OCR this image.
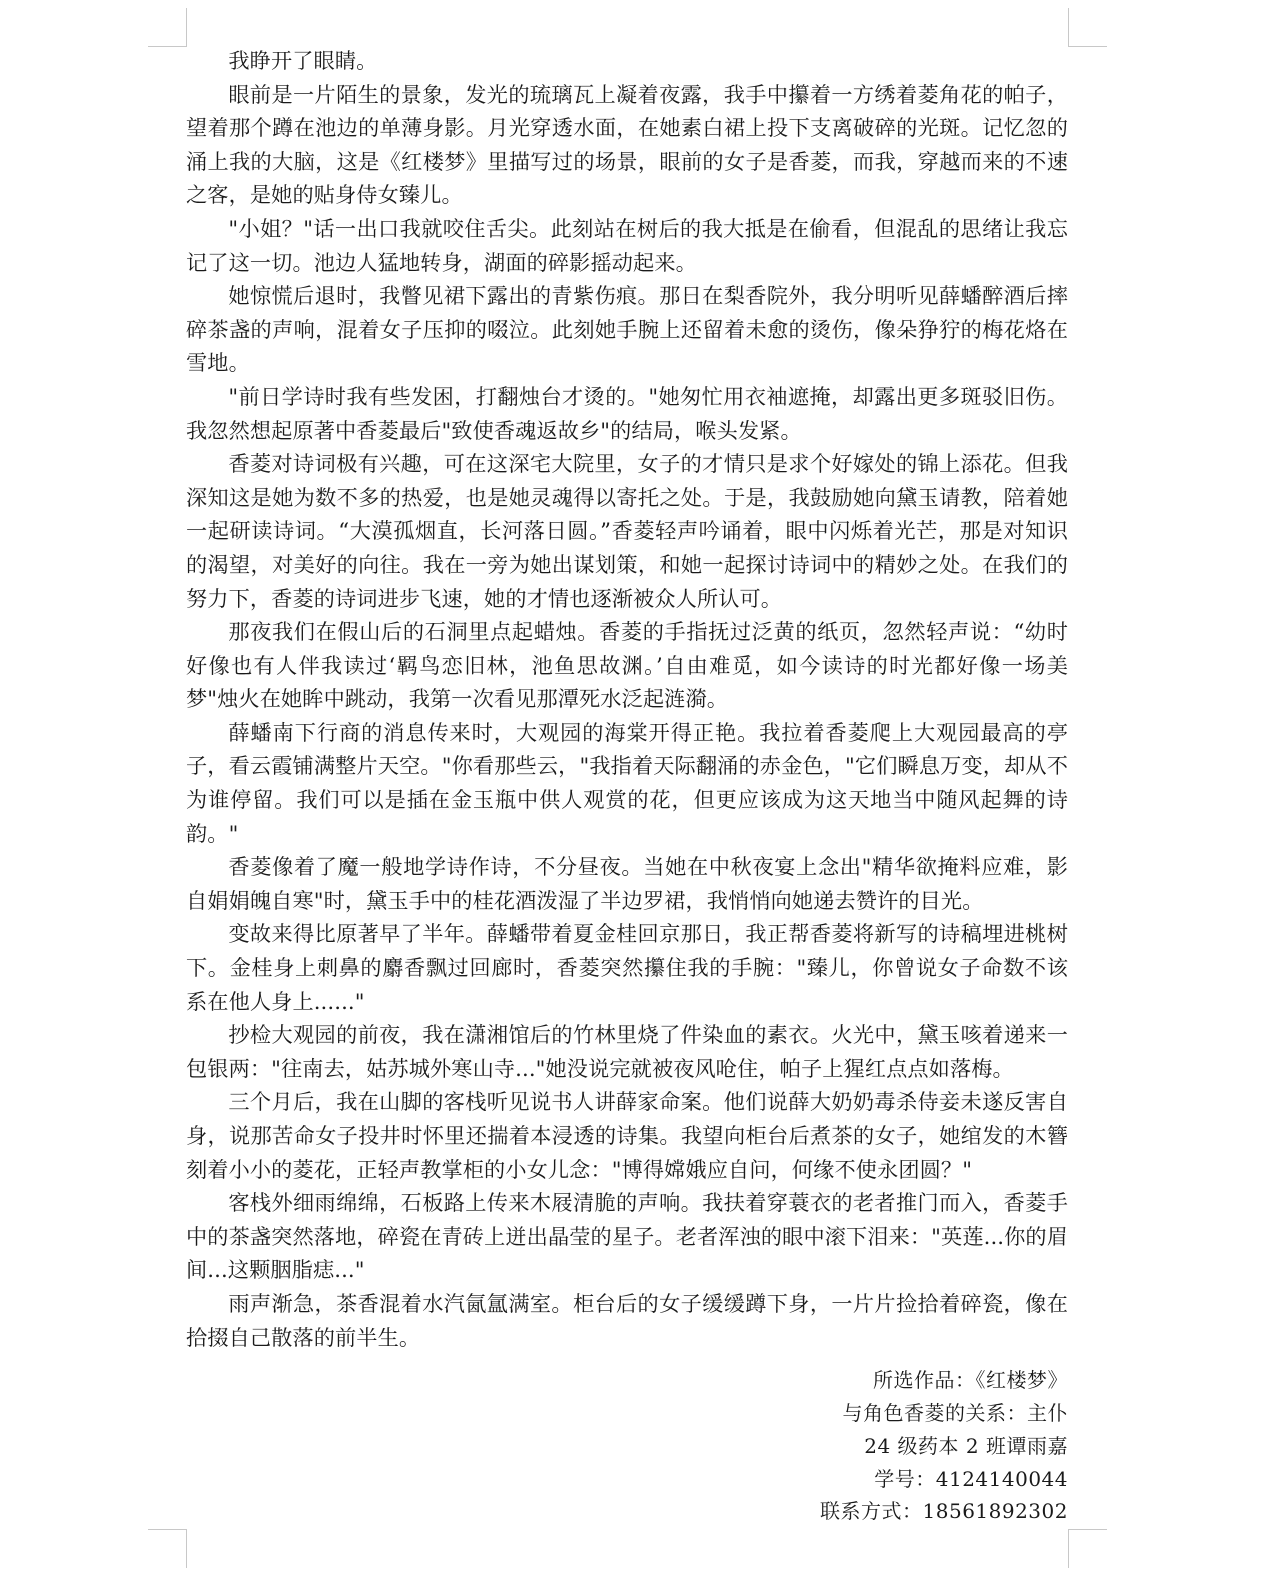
我睁开了眼睛。

眼前是一片陌生的景象，发光的琉璃瓦上凝着夜露，我手中攥着一方绣着菱角花的帕子，望着那个蹲在池边的单薄身影。月光穿透水面，在她素白裙上投下支离破碎的光斑。记忆忽的涌上我的大脑，这是《红楼梦》里描写过的场景，眼前的女子是香菱，而我，穿越而来的不速之客，是她的贴身侍女臻儿。

"小姐？"话一出口我就咬住舌尖。此刻站在树后的我大抵是在偷看，但混乱的思绪让我忘记了这一切。池边人猛地转身，湖面的碎影摇动起来。

她惊慌后退时，我瞥见裙下露出的青紫伤痕。那日在梨香院外，我分明听见薛蟠醉酒后摔碎茶盏的声响，混着女子压抑的啜泣。此刻她手腕上还留着未愈的烫伤，像朵狰狞的梅花烙在雪地。

"前日学诗时我有些发困，打翻烛台才烫的。"她匆忙用衣袖遮掩，却露出更多斑驳旧伤。我忽然想起原著中香菱最后"致使香魂返故乡"的结局，喉头发紧。

香菱对诗词极有兴趣，可在这深宅大院里，女子的才情只是求个好嫁处的锦上添花。但我深知这是她为数不多的热爱，也是她灵魂得以寄托之处。于是，我鼓励她向黛玉请教，陪着她一起研读诗词。“大漠孤烟直，长河落日圆。”香菱轻声吟诵着，眼中闪烁着光芒，那是对知识的渴望，对美好的向往。我在一旁为她出谋划策，和她一起探讨诗词中的精妙之处。在我们的努力下，香菱的诗词进步飞速，她的才情也逐渐被众人所认可。

那夜我们在假山后的石洞里点起蜡烛。香菱的手指抚过泛黄的纸页，忽然轻声说：“幼时好像也有人伴我读过‘羁鸟恋旧林，池鱼思故渊。’自由难觅，如今读诗的时光都好像一场美梦"烛火在她眸中跳动，我第一次看见那潭死水泛起涟漪。

薛蟠南下行商的消息传来时，大观园的海棠开得正艳。我拉着香菱爬上大观园最高的亭子，看云霞铺满整片天空。"你看那些云，"我指着天际翻涌的赤金色，"它们瞬息万变，却从不为谁停留。我们可以是插在金玉瓶中供人观赏的花，但更应该成为这天地当中随风起舞的诗韵。"

香菱像着了魔一般地学诗作诗，不分昼夜。当她在中秋夜宴上念出"精华欲掩料应难，影自娟娟魄自寒"时，黛玉手中的桂花酒泼湿了半边罗裙，我悄悄向她递去赞许的目光。

变故来得比原著早了半年。薛蟠带着夏金桂回京那日，我正帮香菱将新写的诗稿埋进桃树下。金桂身上刺鼻的麝香飘过回廊时，香菱突然攥住我的手腕："臻儿，你曾说女子命数不该系在他人身上......"

抄检大观园的前夜，我在潇湘馆后的竹林里烧了件染血的素衣。火光中，黛玉咳着递来一包银两："往南去，姑苏城外寒山寺..."她没说完就被夜风呛住，帕子上猩红点点如落梅。

三个月后，我在山脚的客栈听见说书人讲薛家命案。他们说薛大奶奶毒杀侍妾未遂反害自身，说那苦命女子投井时怀里还揣着本浸透的诗集。我望向柜台后煮茶的女子，她绾发的木簪刻着小小的菱花，正轻声教掌柜的小女儿念："博得嫦娥应自问，何缘不使永团圆？"

客栈外细雨绵绵，石板路上传来木屐清脆的声响。我扶着穿蓑衣的老者推门而入，香菱手中的茶盏突然落地，碎瓷在青砖上迸出晶莹的星子。老者浑浊的眼中滚下泪来："英莲...你的眉间...这颗胭脂痣..."

雨声渐急，茶香混着水汽氤氲满室。柜台后的女子缓缓蹲下身，一片片捡拾着碎瓷，像在拾掇自己散落的前半生。

所选作品：《红楼梦》
与角色香菱的关系：主仆
24 级药本 2 班谭雨嘉
学号：4124140044
联系方式：18561892302
